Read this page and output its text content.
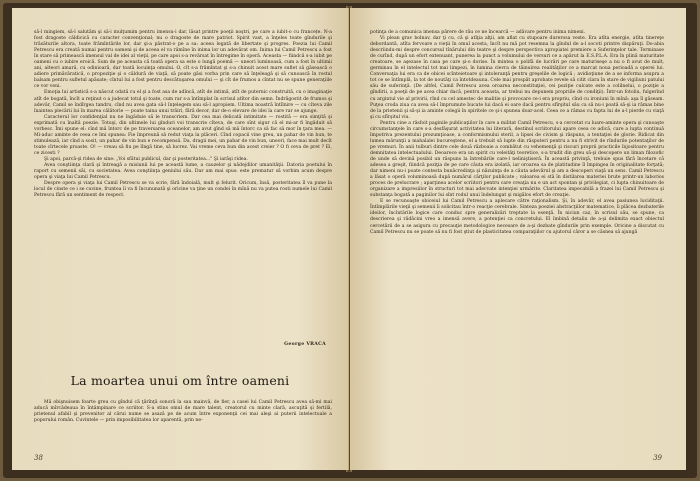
să-l mingiem, să-l salutăm şi să-i mulţumim pentru imensu-i dar, lăsat printre poeţii noştri, pe care a iubit-o cu francețe. N-a fost dragoste căldicică cu caracter convenţional; nu o dragoste de mare patriot. Spirit vast, a înţeles toate gîndurile şi trăsăturile altora, toate frămîntările lor, dar şi-a păstrat-o pe a sa: aceea legată de libertate şi progres. Poezia lui Camil Petrescu era creată numai pentru oameni şi de aceea el va rămîne în inima lor un adevărat om. Inima lui Camil Petrescu a fost în stare să primească imensul val de idei al vieţii, pe care apoi s-a revărsat în întregime în operă. Aceasta — fiindcă s-a iubit pe oameni cu o iubire eroică. Sum de pe aceasta că toată opera sa este o lungă poemă — uneori luminoasă, cum a fost în ultimii ani, alteori amară, cu odinioară, dar toată locuinţa omului. O, cît s-a frămîntat şi s-a chinuit acest mare suflet să găsească o adiere primăvăratică, o propoziţie şi o căldură de viaţă, să poate găsi vorba prin care să înţeleagă şi să cunoască în rostul balsam pentru sufletul apăsate; cîntul lui a fost pentru descătuşarea omului — şi cît de frumos a cîntat nu se spune generaţiile ce vor veni.

Emoţia lui artistică s-a născut odată cu el şi a fost asa de adîncă, atît de intimă, atît de puternic construită, cu o imaginaţie atît de bogată, încît a reţinut o a judecat totul şi toate, cum rar s-a întîmplat în scrisul atîtor din semn. Îndrăgostit de frumos şi adevăr, Camil se îndîrgea tandru, cînd nu avea gata să-l înţelegem sau să-l apropiem. Ultima noastră întîlnire — cu cîteva zile înaintea plecării lui în marea călătorie — poate taina unui trăiri, fără decor, dar de-o elevare de idei la care rar se ajunge.

Caracterul lor confidenţial nu ne îngăduie să le transcriem. Dar cea mai delicată intimitate — rostită — era simţită şi exprimată cu înaltă poezie. Totuşi, din ultimele lui gînduri voi transcrie cîteva, de care sînt sigur că el mi-ar fi îngăduit să vorbesc. Îmi spune el: cînd mă întorc de pe traversarea oceanelor, am avut gînd să mă întorc ca să fac să mor în ţara mea. — Mi-aduc aminte de ceea ce îmi spunea: Fie împreună să redut viaţa la plăceri. Cînd copacii vine greu, un pahar de vin bun, te stimulează, iar cînd a sosit, un pahar de vin bun e recompensă. Da, dragii mei, un pahar de vin bun, uneori, face mai mult decît toate cîrtecele proaste. O! — vreau să fiu pe lîngă tine, să lucrez. Vai vreme ceva bun din acest creier ? O fi ceva de pret ? Ei, ce zicesti ?

Şi apoi, parcă-şi ridea de sine: „Voi sfătui publicul, dar şi posteritatea..." Şi iarăşi ridea.

Avea conştiinţa clară şi întreagă a misiunii lui pe această lume, a cauzelor şi nădejdilor umanităţii. Datoria poetului în raport cu semenii săi, cu societatea. Avea conştiinţa geniului său. Dar am mai spus: este prematur să vorbim acum despre opera şi viaţa lui Camil Petrescu.

Despre opera şi viaţa lui Camil Petrescu se va scrie, fără îndoială, mult şi felurit. Oricum, însă, posteritatea îl va pune la locul de cinste ce i se cuvine, fruntea îi va fi încununată şi oricine va ţine un condei în mînă nu va putea rosti numele lui Camil Petrescu fără un sentiment de respect.

George VRACA
La moartea unui om între oameni

Mă obişnuisem foarte greu cu gîndul că ţărînţă sonoră la sau mainvă, de fier, a casei lui Camil Petrescu avea să-mi mai aducă mîrcădeaua în întâmpinare ce scriitor. S-a stins omul de mare talent, creatorul cu minte clară, ascuţită şi fertilă, prietenul afabil şi prevenitor al cărui nume se asază pe de acum între exponenţii cei mai aleşi ai puterii intelectuale a poporului român. Cuvintele — prin imposibilitatea lor aparentă, prin ne-

38

potinţa de a comunica imensa părere de rău ce ne încearcă — adăvare pentru inima nimeni.

Vi plean grav bolnav, dar ţi cu, că şi atîţia alţii, am aflat cu stupoare durerosa veste. Era atîta energie, atîta tinereţe debordantă, atîta fervoare a vieţii în omul acesta, încît nu mă pot resemna la gîndul de a-l socoti printre dispăruţi. Do-abia descriindu-mi despre concursul tînărului din teatre şi despre perspectiva apropiatei premiere a Suferinţelor tale. Terminase de curînd, după un efort extenuant, punerea la punct a volumului de versuri ce a apărut la E.S.P.L.A. Era în plină maturitate creatoare, se aşezase în casa pe care şi-o dorise. În mintea o polifă de lucrări pe care maturiseşe a nu o fi avut de mult, germinau în el intelectul tot mai limpezi, în lumina clevra de tăinuirea realităţilor ce a marcat noua perioadă a operei lui. Conversaţia lui era ca de obicei scînteietoare şi intoleranţă pentru greşelile de logică ; avidioţiune de a se informa asupra a tot ce se întîmplă, la tot de noutăţi ca întotdeauna. Cele mai prospăt aprobate revele să citit clara în stare de vigiliuni patului său de suferinţă. (De altfel, Camil Petrescu avea oroarea neconstituţiei, cei poziţie culcate este a colilnelui, o poziţie a gîndirii, a poeţii de pe acea chiar dacă, pentru aceasta, ar trebui nu depunem propriile de condiţii). Într-un fotoliu, fulgerînd cu argintul vie al privirii, rînd cu cel amestec de malitie şi provocare ce-i era propriu, cînd cu ironiuni în mînă: aşa îl găseam. Puţea croda ziua ca avea să-l împrumute bucate lui dacă ei oare dacă pentru sfîrşitul său ca să nu-i poată să-şi ia rămas bine de la prietenii şi să-şi ia aminte colegii în spiritele ce şi-i spunea doar-acel. Ceea ce a rămas cu fapta lui de a-l pierde cu viaţă şi cu sfîrşitul viu.

Pentru cine a răsfoit paginile publicaţiilor în care a militat Camil Petrescu, s-a cercetat cu luare-aminte opera şi cunoaşte circumstanţele în care s-a desfăşurat activitatea lui literară, destinul scriitorului apare ceea ce adică, care a lupta continuă împotriva prezentului prezumţioase, a conformismului steril, a lipsei de civism şi răspuns, a tentaţiei de glorie. Ridicat din lumea mărunţii a mahalalei bucureştene, el a trebuit să lupte din răsputeri pentru a nu fi strivit de rîndurile potentaţilor de pe vremuri. În anii tulburi dintre cele două războaie a combătut cu vehemenţă şi riscuri proprii practicile înjositoare pentru demnitatea intelectualului. Deoarece era un spirit cu veleităţi teoretice, s-a trudit din greu să-şi descopere un liman filozofic de unde să devină posibil un răspuns la întrebările care-l neliniştiseră. În această privinţă, trebuie spus fără încetare că adesea a greşit, fiindcă poziţia de pe care căuta era izolată, iar oroarea sa de platitudine îl împingea în originalitate forţată; dar nimeni nu-i poate contesta bunăcredinţa şi năzuinţa de a căuta adevărul şi am a descoperi viaţă un sens. Camil Petrescu a lăsat o operă voluminoasă după numărul cărţilor publicate ; valoarea ei stă în distilarea materiei brute printr-un laborios proces de prelucrare ; aparţinea acelor scriitori pentru care creaţia nu e un act spontan şi privilegiat, ci lupta chinuitoare de organizare a impresiilor în structuri tot mai adecvate intenţiei urmărite. Claritatea impecabilă a frazei lui Camil Petrescu şi substanţa bogată a paginilor lui sînt rodul unui îndelungat şi migălos efort de creaţie.

E se recunoaşte obiceiul lui Camil Petrescu a aplecare către raţionalism. Şi, în adevăr, el avea pasiunea luciditaţii. Întîmplările vieţii şi semenii îi solicitau într-o reacţie cerebrale. Sinteza poeziei abstracţiilor matematice, îi plăcea dezbaterile ideilor, încîntările logice care conduc spre generalizări treptate la esenţă. În niciun caz, în scrisul său, se spune, ca descrierea şi rădăcini vreo a imensă avere, a potenţiei ca concretului. El îmbină detaliu de a-şi delimita exact obiectul cercetării de a se asigura cu precauţie metodologice necesare de a-şi dezbate gîndurile prin exemple. Oricine a discutat cu Camil Petrescu nu se poate să nu fi fost ştiut de plasticitatea comparaţiilor cu ajutorul căror a se căsnea să ajungă

39
